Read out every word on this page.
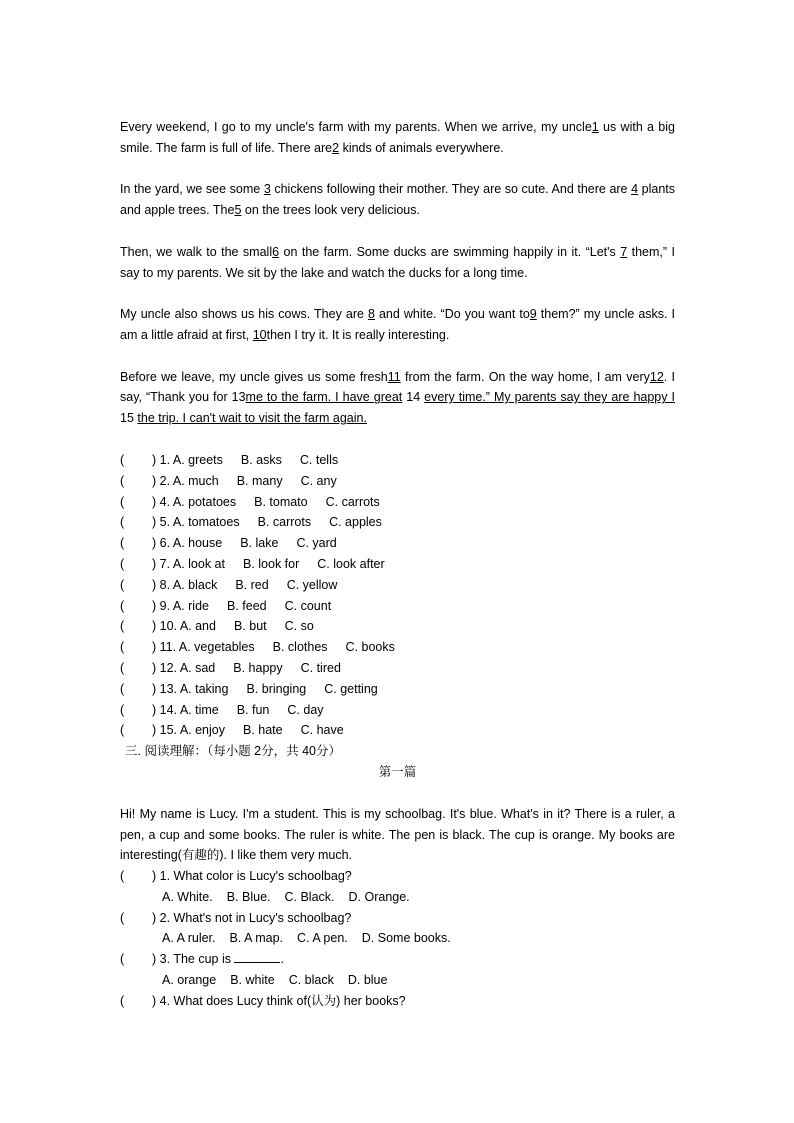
Every weekend, I go to my uncle's farm with my parents. When we arrive, my uncle1 us with a big smile. The farm is full of life. There are2 kinds of animals everywhere.

In the yard, we see some 3 chickens following their mother. They are so cute. And there are 4 plants and apple trees. The5 on the trees look very delicious.

Then, we walk to the small6 on the farm. Some ducks are swimming happily in it. “Let's 7 them,” I say to my parents. We sit by the lake and watch the ducks for a long time.

My uncle also shows us his cows. They are 8 and white. “Do you want to9 them?” my uncle asks. I am a little afraid at first, 10then I try it. It is really interesting.

Before we leave, my uncle gives us some fresh11 from the farm. On the way home, I am very12. I say, “Thank you for 13me to the farm. I have great 14 every time.” My parents say they are happy I 15 the trip. I can't wait to visit the farm again.

( ) 1. A. greets B. asks C. tells
( ) 2. A. much B. many C. any
( ) 4. A. potatoes B. tomato C. carrots
( ) 5. A. tomatoes B. carrots C. apples
( ) 6. A. house B. lake C. yard
( ) 7. A. look at B. look for C. look after
( ) 8. A. black B. red C. yellow
( ) 9. A. ride B. feed C. count
( ) 10. A. and B. but C. so
( ) 11. A. vegetables B. clothes C. books
( ) 12. A. sad B. happy C. tired
( ) 13. A. taking B. bringing C. getting
( ) 14. A. time B. fun C. day
( ) 15. A. enjoy B. hate C. have
三. 阅读理解：（每小题 2分，共 40分）
第一篇
Hi! My name is Lucy. I'm a student. This is my schoolbag. It's blue. What's in it? There is a ruler, a pen, a cup and some books. The ruler is white. The pen is black. The cup is orange. My books are interesting(有趣的). I like them very much.
( ) 1. What color is Lucy's schoolbag?
A. White. B. Blue. C. Black. D. Orange.
( ) 2. What's not in Lucy's schoolbag?
A. A ruler. B. A map. C. A pen. D. Some books.
( ) 3. The cup is	.
A. orange B. white C. black D. blue
( ) 4. What does Lucy think of(认为) her books?
